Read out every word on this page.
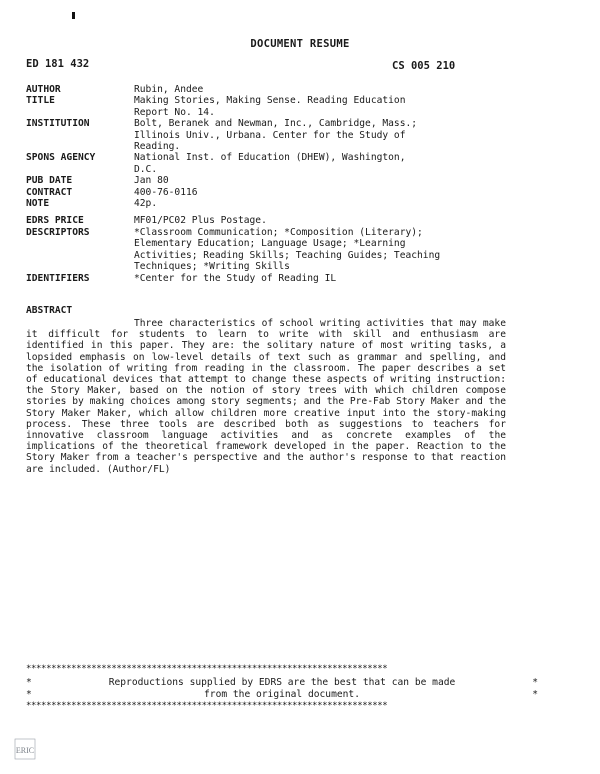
DOCUMENT RESUME
ED 181 432	CS 005 210
AUTHOR	Rubin, Andee
TITLE	Making Stories, Making Sense. Reading Education
Report No. 14.
INSTITUTION	Bolt, Beranek and Newman, Inc., Cambridge, Mass.;
Illinois Univ., Urbana. Center for the Study of
Reading.
SPONS AGENCY	National Inst. of Education (DHEW), Washington,
D.C.
PUB DATE	Jan 80
CONTRACT	400-76-0116
NOTE	42p.
EDRS PRICE	MF01/PC02 Plus Postage.
DESCRIPTORS	*Classroom Communication; *Composition (Literary);
Elementary Education; Language Usage; *Learning
Activities; Reading Skills; Teaching Guides; Teaching
Techniques; *Writing Skills
IDENTIFIERS	*Center for the Study of Reading IL
ABSTRACT
Three characteristics of school writing activities that may make it difficult for students to learn to write with skill and enthusiasm are identified in this paper. They are: the solitary nature of most writing tasks, a lopsided emphasis on low-level details of text such as grammar and spelling, and the isolation of writing from reading in the classroom. The paper describes a set of educational devices that attempt to change these aspects of writing instruction: the Story Maker, based on the notion of story trees with which children compose stories by making choices among story segments; and the Pre-Fab Story Maker and the Story Maker Maker, which allow children more creative input into the story-making process. These three tools are described both as suggestions to teachers for innovative classroom language activities and as concrete examples of the implications of the theoretical framework developed in the paper. Reaction to the Story Maker from a teacher's perspective and the author's response to that reaction are included. (Author/FL)
************************************************************************
*	Reproductions supplied by EDRS are the best that can be made	*
*	from the original document.	*
************************************************************************
ERIC
